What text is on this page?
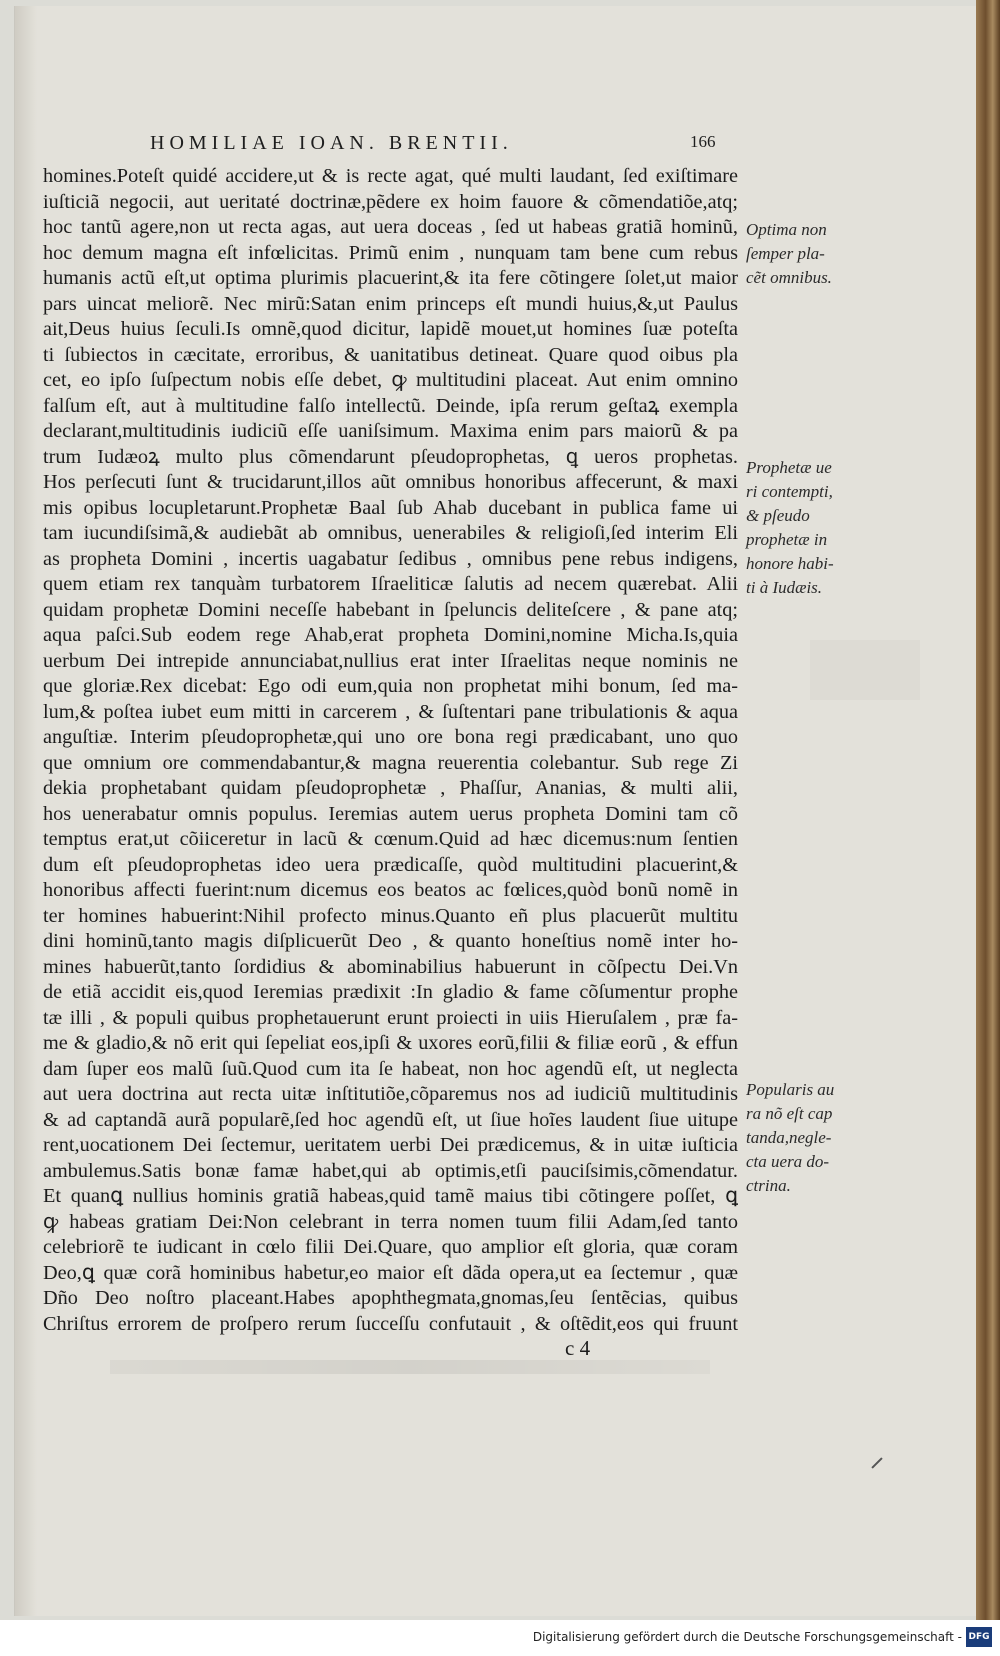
HOMILIAE IOAN. BRENTII.	166
homines.Poteſt quidé accidere,ut & is recte agat, qué multi laudant, ſed exiſtimare
iuſticiã negocii, aut ueritaté doctrinæ,pẽdere ex hoim fauore & cõmendatiõe,atq;
hoc tantũ agere,non ut recta agas, aut uera doceas , ſed ut habeas gratiã hominũ,
hoc demum magna eſt infœlicitas. Primũ enim , nunquam tam bene cum rebus
humanis actũ eſt,ut optima plurimis placuerint,& ita fere cõtingere ſolet,ut maior
pars uincat meliorẽ. Nec mirũ:Satan enim princeps eſt mundi huius,&,ut Paulus
ait,Deus huius ſeculi.Is omnẽ,quod dicitur, lapidẽ mouet,ut homines ſuæ poteſta
ti ſubiectos in cæcitate, erroribus, & uanitatibus detineat. Quare quod oibus pla
cet, eo ipſo ſuſpectum nobis eſſe debet, ꝙ multitudini placeat. Aut enim omnino
falſum eſt, aut à multitudine falſo intellectũ. Deinde, ipſa rerum geſtaꝝ exempla
declarant,multitudinis iudiciũ eſſe uaniſsimum. Maxima enim pars maiorũ & pa
trum Iudæoꝝ multo plus cõmendarunt pſeudoprophetas, ꝗ ueros prophetas.
Hos perſecuti ſunt & trucidarunt,illos aũt omnibus honoribus affecerunt, & maxi
mis opibus locupletarunt.Prophetæ Baal ſub Ahab ducebant in publica fame ui
tam iucundiſsimã,& audiebãt ab omnibus, uenerabiles & religioſi,ſed interim Eli
as propheta Domini , incertis uagabatur ſedibus , omnibus pene rebus indigens,
quem etiam rex tanquàm turbatorem Iſraeliticæ ſalutis ad necem quærebat. Alii
quidam prophetæ Domini neceſſe habebant in ſpeluncis deliteſcere , & pane atq;
aqua paſci.Sub eodem rege Ahab,erat propheta Domini,nomine Micha.Is,quia
uerbum Dei intrepide annunciabat,nullius erat inter Iſraelitas neque nominis ne
que gloriæ.Rex dicebat: Ego odi eum,quia non prophetat mihi bonum, ſed ma-
lum,& poſtea iubet eum mitti in carcerem , & ſuſtentari pane tribulationis & aqua
anguſtiæ. Interim pſeudoprophetæ,qui uno ore bona regi prædicabant, uno quo
que omnium ore commendabantur,& magna reuerentia colebantur. Sub rege Zi
dekia prophetabant quidam pſeudoprophetæ , Phaſſur, Ananias, & multi alii,
hos uenerabatur omnis populus. Ieremias autem uerus propheta Domini tam cõ
temptus erat,ut cõiiceretur in lacũ & cœnum.Quid ad hæc dicemus:num ſentien
dum eſt pſeudoprophetas ideo uera prædicaſſe, quòd multitudini placuerint,&
honoribus affecti fuerint:num dicemus eos beatos ac fœlices,quòd bonũ nomẽ in
ter homines habuerint:Nihil profecto minus.Quanto eñ plus placuerũt multitu
dini hominũ,tanto magis diſplicuerũt Deo , & quanto honeſtius nomẽ inter ho-
mines habuerũt,tanto ſordidius & abominabilius habuerunt in cõſpectu Dei.Vn
de etiã accidit eis,quod Ieremias prædixit :In gladio & fame cõſumentur prophe
tæ illi , & populi quibus prophetauerunt erunt proiecti in uiis Hieruſalem , præ fa-
me & gladio,& nõ erit qui ſepeliat eos,ipſi & uxores eorũ,filii & filiæ eorũ , & effun
dam ſuper eos malũ ſuũ.Quod cum ita ſe habeat, non hoc agendũ eſt, ut neglecta
aut uera doctrina aut recta uitæ inſtitutiõe,cõparemus nos ad iudiciũ multitudinis
& ad captandã aurã popularẽ,ſed hoc agendũ eſt, ut ſiue hoĩes laudent ſiue uitupe
rent,uocationem Dei ſectemur, ueritatem uerbi Dei prædicemus, & in uitæ iuſticia
ambulemus.Satis bonæ famæ habet,qui ab optimis,etſi pauciſsimis,cõmendatur.
Et quanꝗ nullius hominis gratiã habeas,quid tamẽ maius tibi cõtingere poſſet, ꝗ
ꝙ habeas gratiam Dei:Non celebrant in terra nomen tuum filii Adam,ſed tanto
celebriorẽ te iudicant in cœlo filii Dei.Quare, quo amplior eſt gloria, quæ coram
Deo,ꝗ quæ corã hominibus habetur,eo maior eſt dãda opera,ut ea ſectemur , quæ
Dño Deo noſtro placeant.Habes apophthegmata,gnomas,ſeu ſentẽcias, quibus
Chriſtus errorem de proſpero rerum ſucceſſu confutauit , & oſtẽdit,eos qui fruunt
Optima non
ſemper pla-
cẽt omnibus.
Prophetæ ue
ri contempti,
& pſeudo
prophetæ in
honore habi-
ti à Iudæis.
Popularis au
ra nõ eſt cap
tanda,negle-
cta uera do-
ctrina.
c 4
Digitalisierung gefördert durch die Deutsche Forschungsgemeinschaft - DFG
